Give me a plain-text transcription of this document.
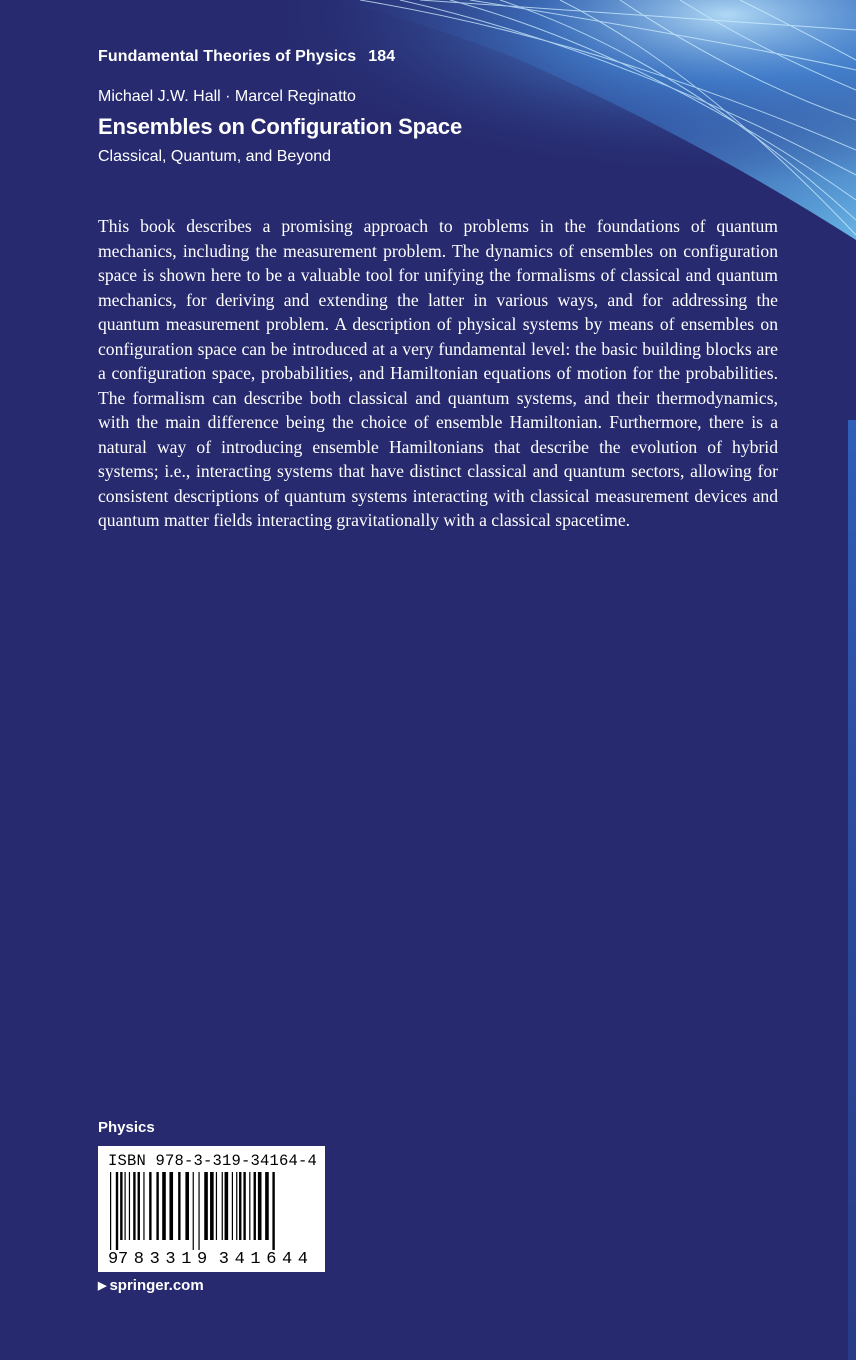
Fundamental Theories of Physics 184

Michael J.W. Hall · Marcel Reginatto

Ensembles on Configuration Space

Classical, Quantum, and Beyond

This book describes a promising approach to problems in the foundations of quantum mechanics, including the measurement problem. The dynamics of ensembles on configuration space is shown here to be a valuable tool for unifying the formalisms of classical and quantum mechanics, for deriving and extending the latter in various ways, and for addressing the quantum measurement problem. A description of physical systems by means of ensembles on configuration space can be introduced at a very fundamental level: the basic building blocks are a configuration space, probabilities, and Hamiltonian equations of motion for the probabilities. The formalism can describe both classical and quantum systems, and their thermodynamics, with the main difference being the choice of ensemble Hamiltonian. Furthermore, there is a natural way of introducing ensemble Hamiltonians that describe the evolution of hybrid systems; i.e., interacting systems that have distinct classical and quantum sectors, allowing for consistent descriptions of quantum systems interacting with classical measurement devices and quantum matter fields interacting gravitationally with a classical spacetime.

Physics

ISBN 978-3-319-34164-4
9 7 8 3 3 1 9 3 4 1 6 4 4

▶ springer.com
